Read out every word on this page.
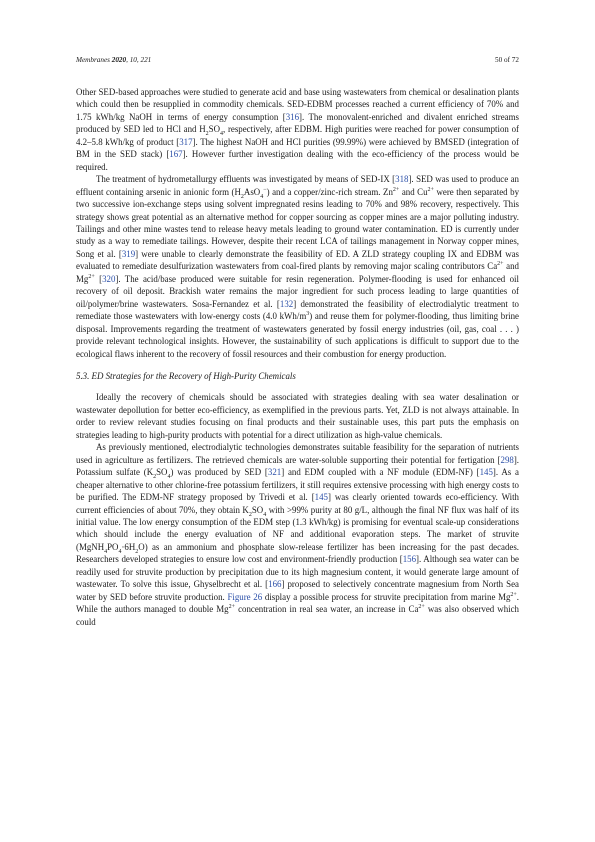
Membranes 2020, 10, 221	50 of 72

Other SED-based approaches were studied to generate acid and base using wastewaters from chemical or desalination plants which could then be resupplied in commodity chemicals. SED-EDBM processes reached a current efficiency of 70% and 1.75 kWh/kg NaOH in terms of energy consumption [316]. The monovalent-enriched and divalent enriched streams produced by SED led to HCl and $H_2SO_4$, respectively, after EDBM. High purities were reached for power consumption of 4.2–5.8 kWh/kg of product [317]. The highest NaOH and HCl purities (99.99%) were achieved by BMSED (integration of BM in the SED stack) [167]. However further investigation dealing with the eco-efficiency of the process would be required.

The treatment of hydrometallurgy effluents was investigated by means of SED-IX [318]. SED was used to produce an effluent containing arsenic in anionic form $(H_2AsO_4^-)$ and a copper/zinc-rich stream. $Zn^{2+}$ and $Cu^{2+}$ were then separated by two successive ion-exchange steps using solvent impregnated resins leading to 70% and 98% recovery, respectively. This strategy shows great potential as an alternative method for copper sourcing as copper mines are a major polluting industry. Tailings and other mine wastes tend to release heavy metals leading to ground water contamination. ED is currently under study as a way to remediate tailings. However, despite their recent LCA of tailings management in Norway copper mines, Song et al. [319] were unable to clearly demonstrate the feasibility of ED. A ZLD strategy coupling IX and EDBM was evaluated to remediate desulfurization wastewaters from coal-fired plants by removing major scaling contributors $Ca^{2+}$ and $Mg^{2+}$ [320]. The acid/base produced were suitable for resin regeneration. Polymer-flooding is used for enhanced oil recovery of oil deposit. Brackish water remains the major ingredient for such process leading to large quantities of oil/polymer/brine wastewaters. Sosa-Fernandez et al. [132] demonstrated the feasibility of electrodialytic treatment to remediate those wastewaters with low-energy costs (4.0 kWh/$m^3$) and reuse them for polymer-flooding, thus limiting brine disposal. Improvements regarding the treatment of wastewaters generated by fossil energy industries (oil, gas, coal . . . ) provide relevant technological insights. However, the sustainability of such applications is difficult to support due to the ecological flaws inherent to the recovery of fossil resources and their combustion for energy production.

5.3. ED Strategies for the Recovery of High-Purity Chemicals

Ideally the recovery of chemicals should be associated with strategies dealing with sea water desalination or wastewater depollution for better eco-efficiency, as exemplified in the previous parts. Yet, ZLD is not always attainable. In order to review relevant studies focusing on final products and their sustainable uses, this part puts the emphasis on strategies leading to high-purity products with potential for a direct utilization as high-value chemicals.

As previously mentioned, electrodialytic technologies demonstrates suitable feasibility for the separation of nutrients used in agriculture as fertilizers. The retrieved chemicals are water-soluble supporting their potential for fertigation [298]. Potassium sulfate $(K_2SO_4)$ was produced by SED [321] and EDM coupled with a NF module (EDM-NF) [145]. As a cheaper alternative to other chlorine-free potassium fertilizers, it still requires extensive processing with high energy costs to be purified. The EDM-NF strategy proposed by Trivedi et al. [145] was clearly oriented towards eco-efficiency. With current efficiencies of about 70%, they obtain $K_2SO_4$ with >99% purity at 80 g/L, although the final NF flux was half of its initial value. The low energy consumption of the EDM step (1.3 kWh/kg) is promising for eventual scale-up considerations which should include the energy evaluation of NF and additional evaporation steps. The market of struvite $(MgNH_4PO_4\cdot 6H_2O)$ as an ammonium and phosphate slow-release fertilizer has been increasing for the past decades. Researchers developed strategies to ensure low cost and environment-friendly production [156]. Although sea water can be readily used for struvite production by precipitation due to its high magnesium content, it would generate large amount of wastewater. To solve this issue, Ghyselbrecht et al. [166] proposed to selectively concentrate magnesium from North Sea water by SED before struvite production. Figure 26 display a possible process for struvite precipitation from marine $Mg^{2+}$. While the authors managed to double $Mg^{2+}$ concentration in real sea water, an increase in $Ca^{2+}$ was also observed which could
